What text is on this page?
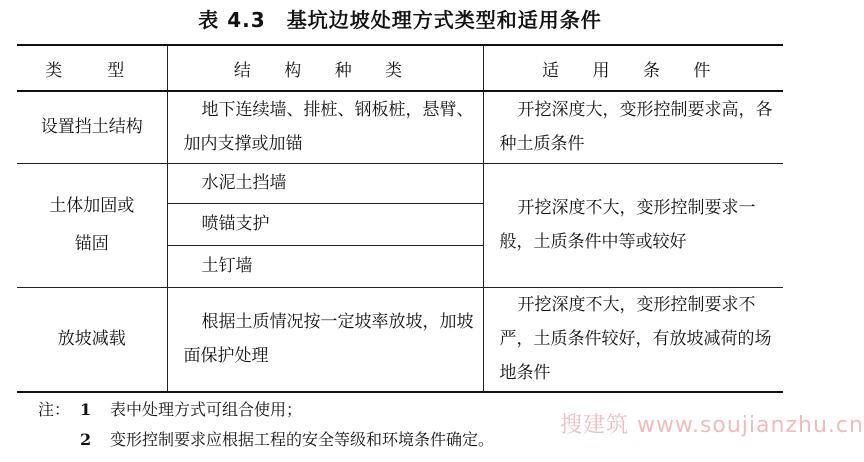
表 4.3　基坑边坡处理方式类型和适用条件
类　型	结 构 种 类	适 用 条 件
设置挡土结构	地下连续墙、排桩、钢板桩，悬臂、加内支撑或加锚	开挖深度大，变形控制要求高，各种土质条件

土体加固或锚固	水泥土挡墙	开挖深度不大，变形控制要求一般，土质条件中等或较好

	喷锚支护	

	土钉墙	

放坡减载	根据土质情况按一定坡率放坡，加坡面保护处理	开挖深度不大，变形控制要求不严，土质条件较好，有放坡减荷的场地条件
注： 1	表中处理方式可组合使用；
2	变形控制要求应根据工程的安全等级和环境条件确定。
搜建筑 www.soujianzhu.cn
